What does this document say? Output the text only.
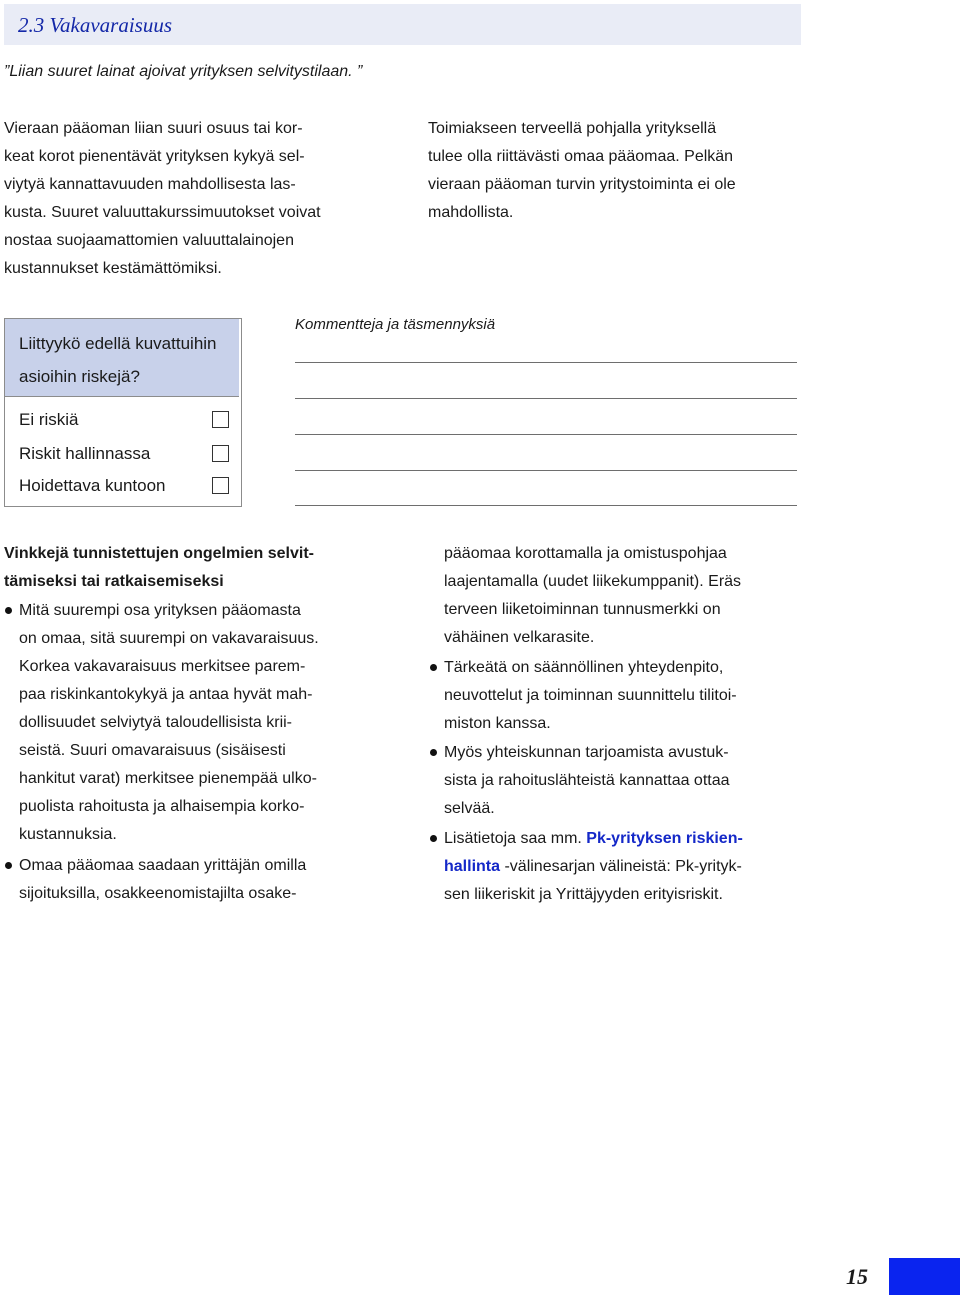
2.3 Vakavaraisuus
”Liian suuret lainat ajoivat yrityksen selvitystilaan. ”
Vieraan pääoman liian suuri osuus tai kor-
keat korot pienentävät yrityksen kykyä sel-
viytyä kannattavuuden mahdollisesta las-
kusta. Suuret valuuttakurssimuutokset voivat
nostaa suojaamattomien valuuttalainojen
kustannukset kestämättömiksi.
Toimiakseen terveellä pohjalla yrityksellä
tulee olla riittävästi omaa pääomaa. Pelkän
vieraan pääoman turvin yritystoiminta ei ole
mahdollista.
Liittyykö edellä kuvattuihin
asioihin riskejä?
Ei riskiä
Riskit hallinnassa
Hoidettava kuntoon
Kommentteja ja täsmennyksiä
Vinkkejä tunnistettujen ongelmien selvit-
tämiseksi tai ratkaisemiseksi
Mitä suurempi osa yrityksen pääomasta
on omaa, sitä suurempi on vakavaraisuus.
Korkea vakavaraisuus merkitsee parem-
paa riskinkantokykyä ja antaa hyvät mah-
dollisuudet selviytyä taloudellisista krii-
seistä. Suuri omavaraisuus (sisäisesti
hankitut varat) merkitsee pienempää ulko-
puolista rahoitusta ja alhaisempia korko-
kustannuksia.
Omaa pääomaa saadaan yrittäjän omilla
sijoituksilla, osakkeenomistajilta osake-
pääomaa korottamalla ja omistuspohjaa
laajentamalla (uudet liikekumppanit). Eräs
terveen liiketoiminnan tunnusmerkki on
vähäinen velkarasite.
Tärkeätä on säännöllinen yhteydenpito,
neuvottelut ja toiminnan suunnittelu tilitoi-
miston kanssa.
Myös yhteiskunnan tarjoamista avustuk-
sista ja rahoituslähteistä kannattaa ottaa
selvää.
Lisätietoja saa mm. Pk-yrityksen riskien-
hallinta -välinesarjan välineistä: Pk-yrityk-
sen liikeriskit ja Yrittäjyyden erityisriskit.
15
